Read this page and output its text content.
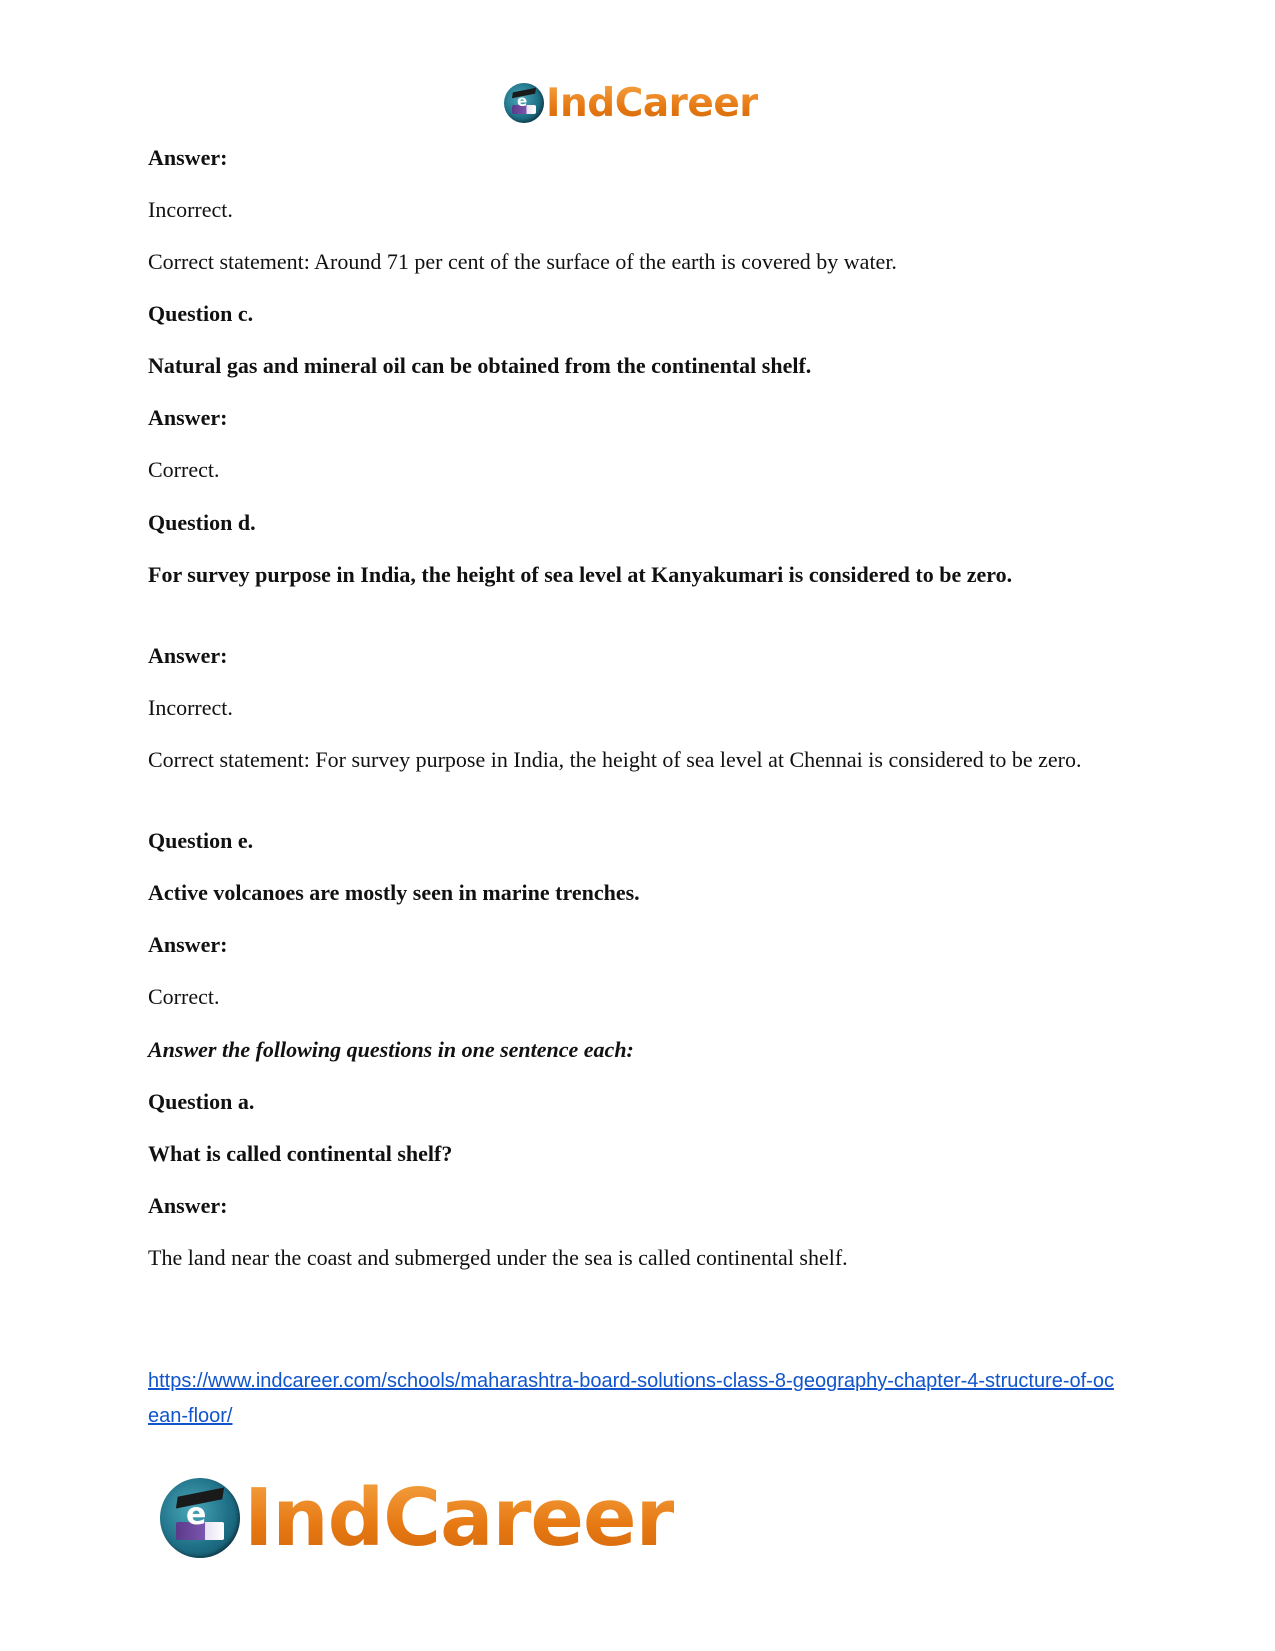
e IndCareer

Answer:

Incorrect.

Correct statement: Around 71 per cent of the surface of the earth is covered by water.

Question c.

Natural gas and mineral oil can be obtained from the continental shelf.

Answer:

Correct.

Question d.

For survey purpose in India, the height of sea level at Kanyakumari is considered to be zero.

Answer:

Incorrect.

Correct statement: For survey purpose in India, the height of sea level at Chennai is considered to be zero.

Question e.

Active volcanoes are mostly seen in marine trenches.

Answer:

Correct.

Answer the following questions in one sentence each:

Question a.

What is called continental shelf?

Answer:

The land near the coast and submerged under the sea is called continental shelf.

https://www.indcareer.com/schools/maharashtra-board-solutions-class-8-geography-chapter-4-structure-of-ocean-floor/
e IndCareer
